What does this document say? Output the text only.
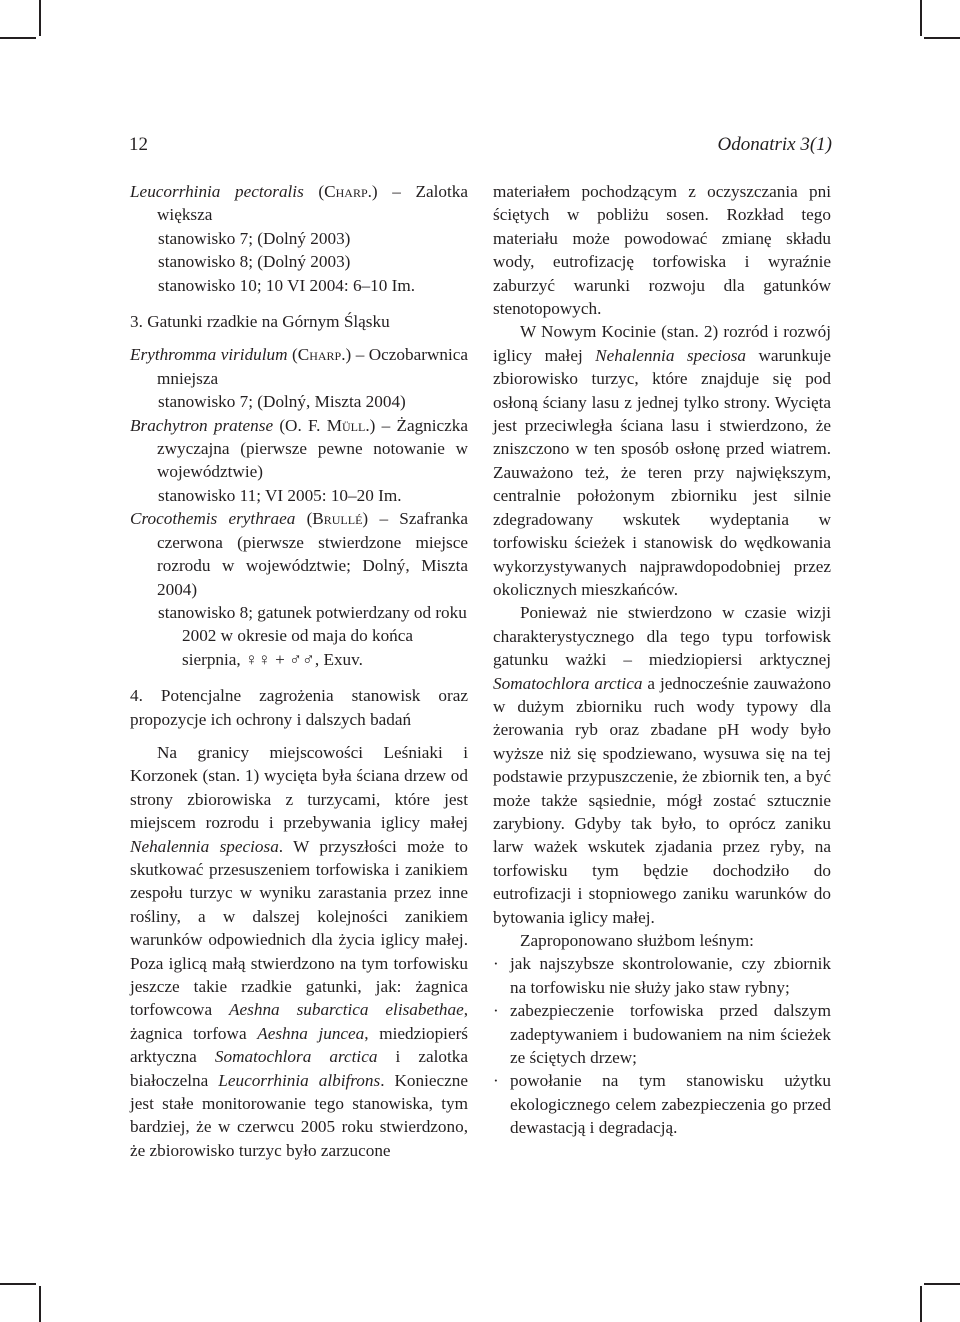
12	Odonatrix 3(1)

Leucorrhinia pectoralis (Charp.) – Zalotka większa

stanowisko 7; (Dolný 2003)

stanowisko 8; (Dolný 2003)

stanowisko 10; 10 VI 2004: 6–10 Im.

3. Gatunki rzadkie na Górnym Śląsku

Erythromma viridulum (Charp.) – Oczobarwnica mniejsza

stanowisko 7; (Dolný, Miszta 2004)

Brachytron pratense (O. F. Müll.) – Żagniczka zwyczajna (pierwsze pewne notowanie w województwie)

stanowisko 11; VI 2005: 10–20 Im.

Crocothemis erythraea (Brullé) – Szafranka czerwona (pierwsze stwierdzone miejsce rozrodu w województwie; Dolný, Miszta 2004)

stanowisko 8; gatunek potwierdzany od roku 2002 w okresie od maja do końca sierpnia, ♀♀ + ♂♂, Exuv.

4. Potencjalne zagrożenia stanowisk oraz propozycje ich ochrony i dalszych badań

Na granicy miejscowości Leśniaki i Korzonek (stan. 1) wycięta była ściana drzew od strony zbiorowiska z turzycami, które jest miejscem rozrodu i przebywania iglicy małej Nehalennia speciosa. W przyszłości może to skutkować przesuszeniem torfowiska i zanikiem zespołu turzyc w wyniku zarastania przez inne rośliny, a w dalszej kolejności zanikiem warunków odpowiednich dla życia iglicy małej. Poza iglicą małą stwierdzono na tym torfowisku jeszcze takie rzadkie gatunki, jak: żagnica torfowcowa Aeshna subarctica elisabethae, żagnica torfowa Aeshna juncea, miedziopierś arktyczna Somatochlora arctica i zalotka białoczelna Leucorrhinia albifrons. Konieczne jest stałe monitorowanie tego stanowiska, tym bardziej, że w czerwcu 2005 roku stwierdzono, że zbiorowisko turzyc było zarzucone

materiałem pochodzącym z oczyszczania pni ściętych w pobliżu sosen. Rozkład tego materiału może powodować zmianę składu wody, eutrofizację torfowiska i wyraźnie zaburzyć warunki rozwoju dla gatunków stenotopowych.

W Nowym Kocinie (stan. 2) rozród i rozwój iglicy małej Nehalennia speciosa warunkuje zbiorowisko turzyc, które znajduje się pod osłoną ściany lasu z jednej tylko strony. Wycięta jest przeciwległa ściana lasu i stwierdzono, że zniszczono w ten sposób osłonę przed wiatrem. Zauważono też, że teren przy największym, centralnie położonym zbiorniku jest silnie zdegradowany wskutek wydeptania w torfowisku ścieżek i stanowisk do wędkowania wykorzystywanych najprawdopodobniej przez okolicznych mieszkańców.

Ponieważ nie stwierdzono w czasie wizji charakterystycznego dla tego typu torfowisk gatunku ważki – miedziopiersi arktycznej Somatochlora arctica a jednocześnie zauważono w dużym zbiorniku ruch wody typowy dla żerowania ryb oraz zbadane pH wody było wyższe niż się spodziewano, wysuwa się na tej podstawie przypuszczenie, że zbiornik ten, a być może także sąsiednie, mógł zostać sztucznie zarybiony. Gdyby tak było, to oprócz zaniku larw ważek wskutek zjadania przez ryby, na torfowisku tym będzie dochodziło do eutrofizacji i stopniowego zaniku warunków do bytowania iglicy małej.

Zaproponowano służbom leśnym:

· jak najszybsze skontrolowanie, czy zbiornik na torfowisku nie służy jako staw rybny;

· zabezpieczenie torfowiska przed dalszym zadeptywaniem i budowaniem na nim ścieżek ze ściętych drzew;

· powołanie na tym stanowisku użytku ekologicznego celem zabezpieczenia go przed dewastacją i degradacją.
